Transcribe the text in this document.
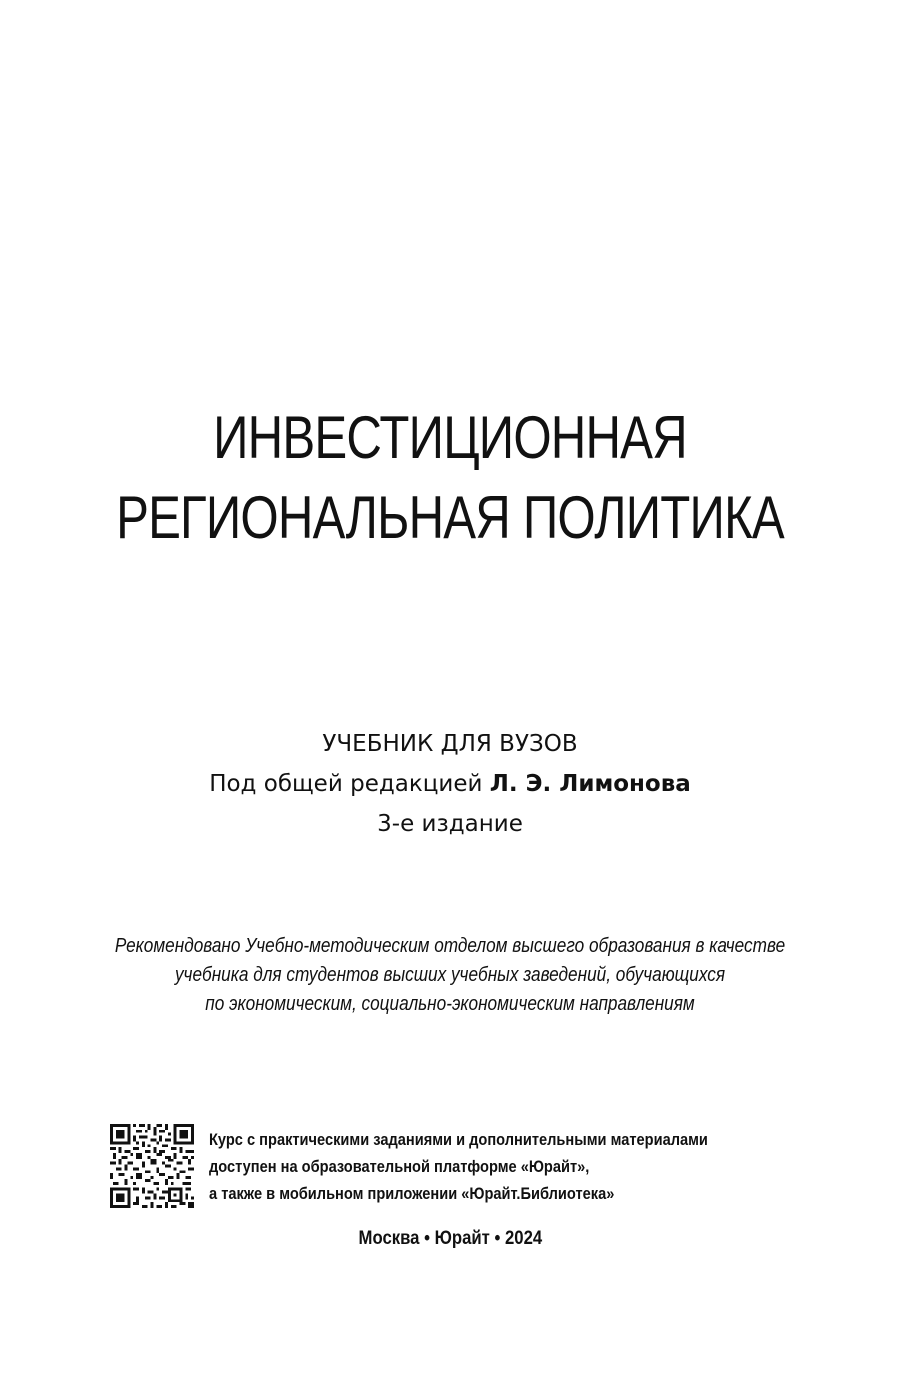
ИНВЕСТИЦИОННАЯ
РЕГИОНАЛЬНАЯ ПОЛИТИКА
УЧЕБНИК ДЛЯ ВУЗОВ
Под общей редакцией Л. Э. Лимонова
3-е издание
Рекомендовано Учебно-методическим отделом высшего образования в качестве
учебника для студентов высших учебных заведений, обучающихся
по экономическим, социально-экономическим направлениям
Курс с практическими заданиями и дополнительными материалами
доступен на образовательной платформе «Юрайт»,
а также в мобильном приложении «Юрайт.Библиотека»
Москва • Юрайт • 2024
